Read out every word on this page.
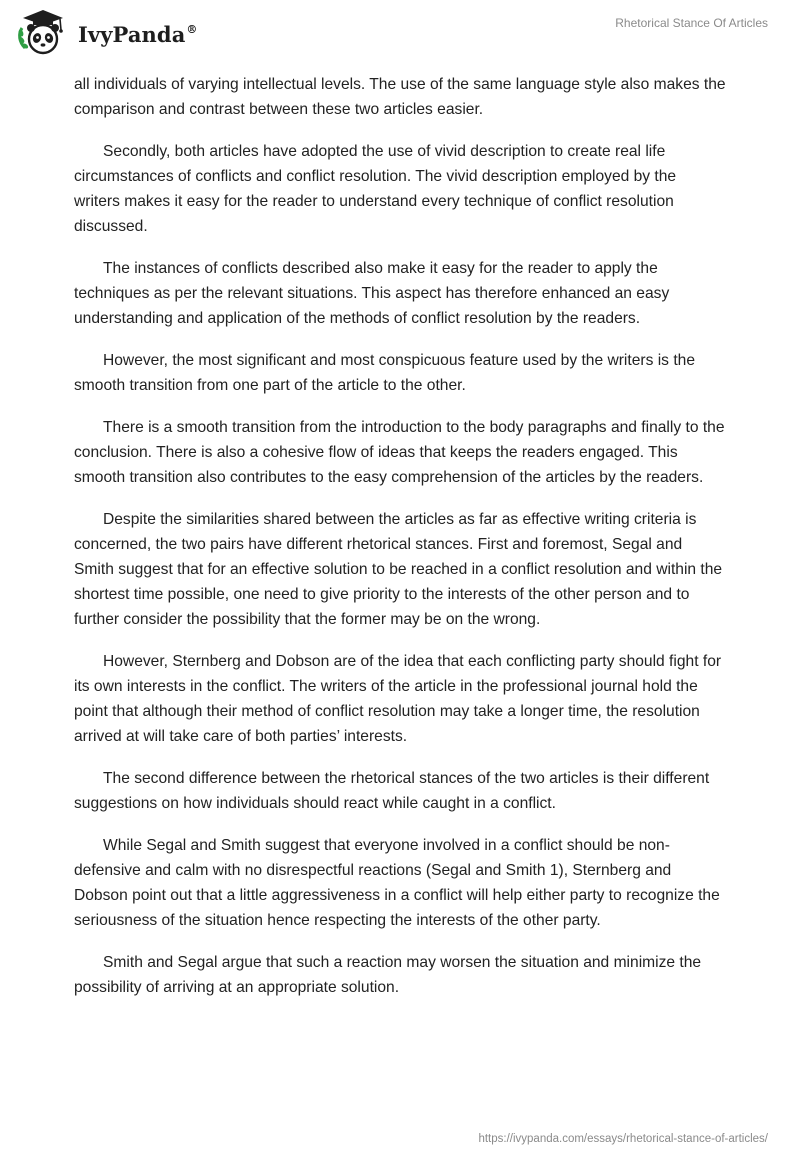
IvyPanda®	Rhetorical Stance Of Articles

all individuals of varying intellectual levels. The use of the same language style also makes the comparison and contrast between these two articles easier.

Secondly, both articles have adopted the use of vivid description to create real life circumstances of conflicts and conflict resolution. The vivid description employed by the writers makes it easy for the reader to understand every technique of conflict resolution discussed.

The instances of conflicts described also make it easy for the reader to apply the techniques as per the relevant situations. This aspect has therefore enhanced an easy understanding and application of the methods of conflict resolution by the readers.

However, the most significant and most conspicuous feature used by the writers is the smooth transition from one part of the article to the other.

There is a smooth transition from the introduction to the body paragraphs and finally to the conclusion. There is also a cohesive flow of ideas that keeps the readers engaged. This smooth transition also contributes to the easy comprehension of the articles by the readers.

Despite the similarities shared between the articles as far as effective writing criteria is concerned, the two pairs have different rhetorical stances. First and foremost, Segal and Smith suggest that for an effective solution to be reached in a conflict resolution and within the shortest time possible, one need to give priority to the interests of the other person and to further consider the possibility that the former may be on the wrong.

However, Sternberg and Dobson are of the idea that each conflicting party should fight for its own interests in the conflict. The writers of the article in the professional journal hold the point that although their method of conflict resolution may take a longer time, the resolution arrived at will take care of both parties’ interests.

The second difference between the rhetorical stances of the two articles is their different suggestions on how individuals should react while caught in a conflict.

While Segal and Smith suggest that everyone involved in a conflict should be non-defensive and calm with no disrespectful reactions (Segal and Smith 1), Sternberg and Dobson point out that a little aggressiveness in a conflict will help either party to recognize the seriousness of the situation hence respecting the interests of the other party.

Smith and Segal argue that such a reaction may worsen the situation and minimize the possibility of arriving at an appropriate solution.

https://ivypanda.com/essays/rhetorical-stance-of-articles/
